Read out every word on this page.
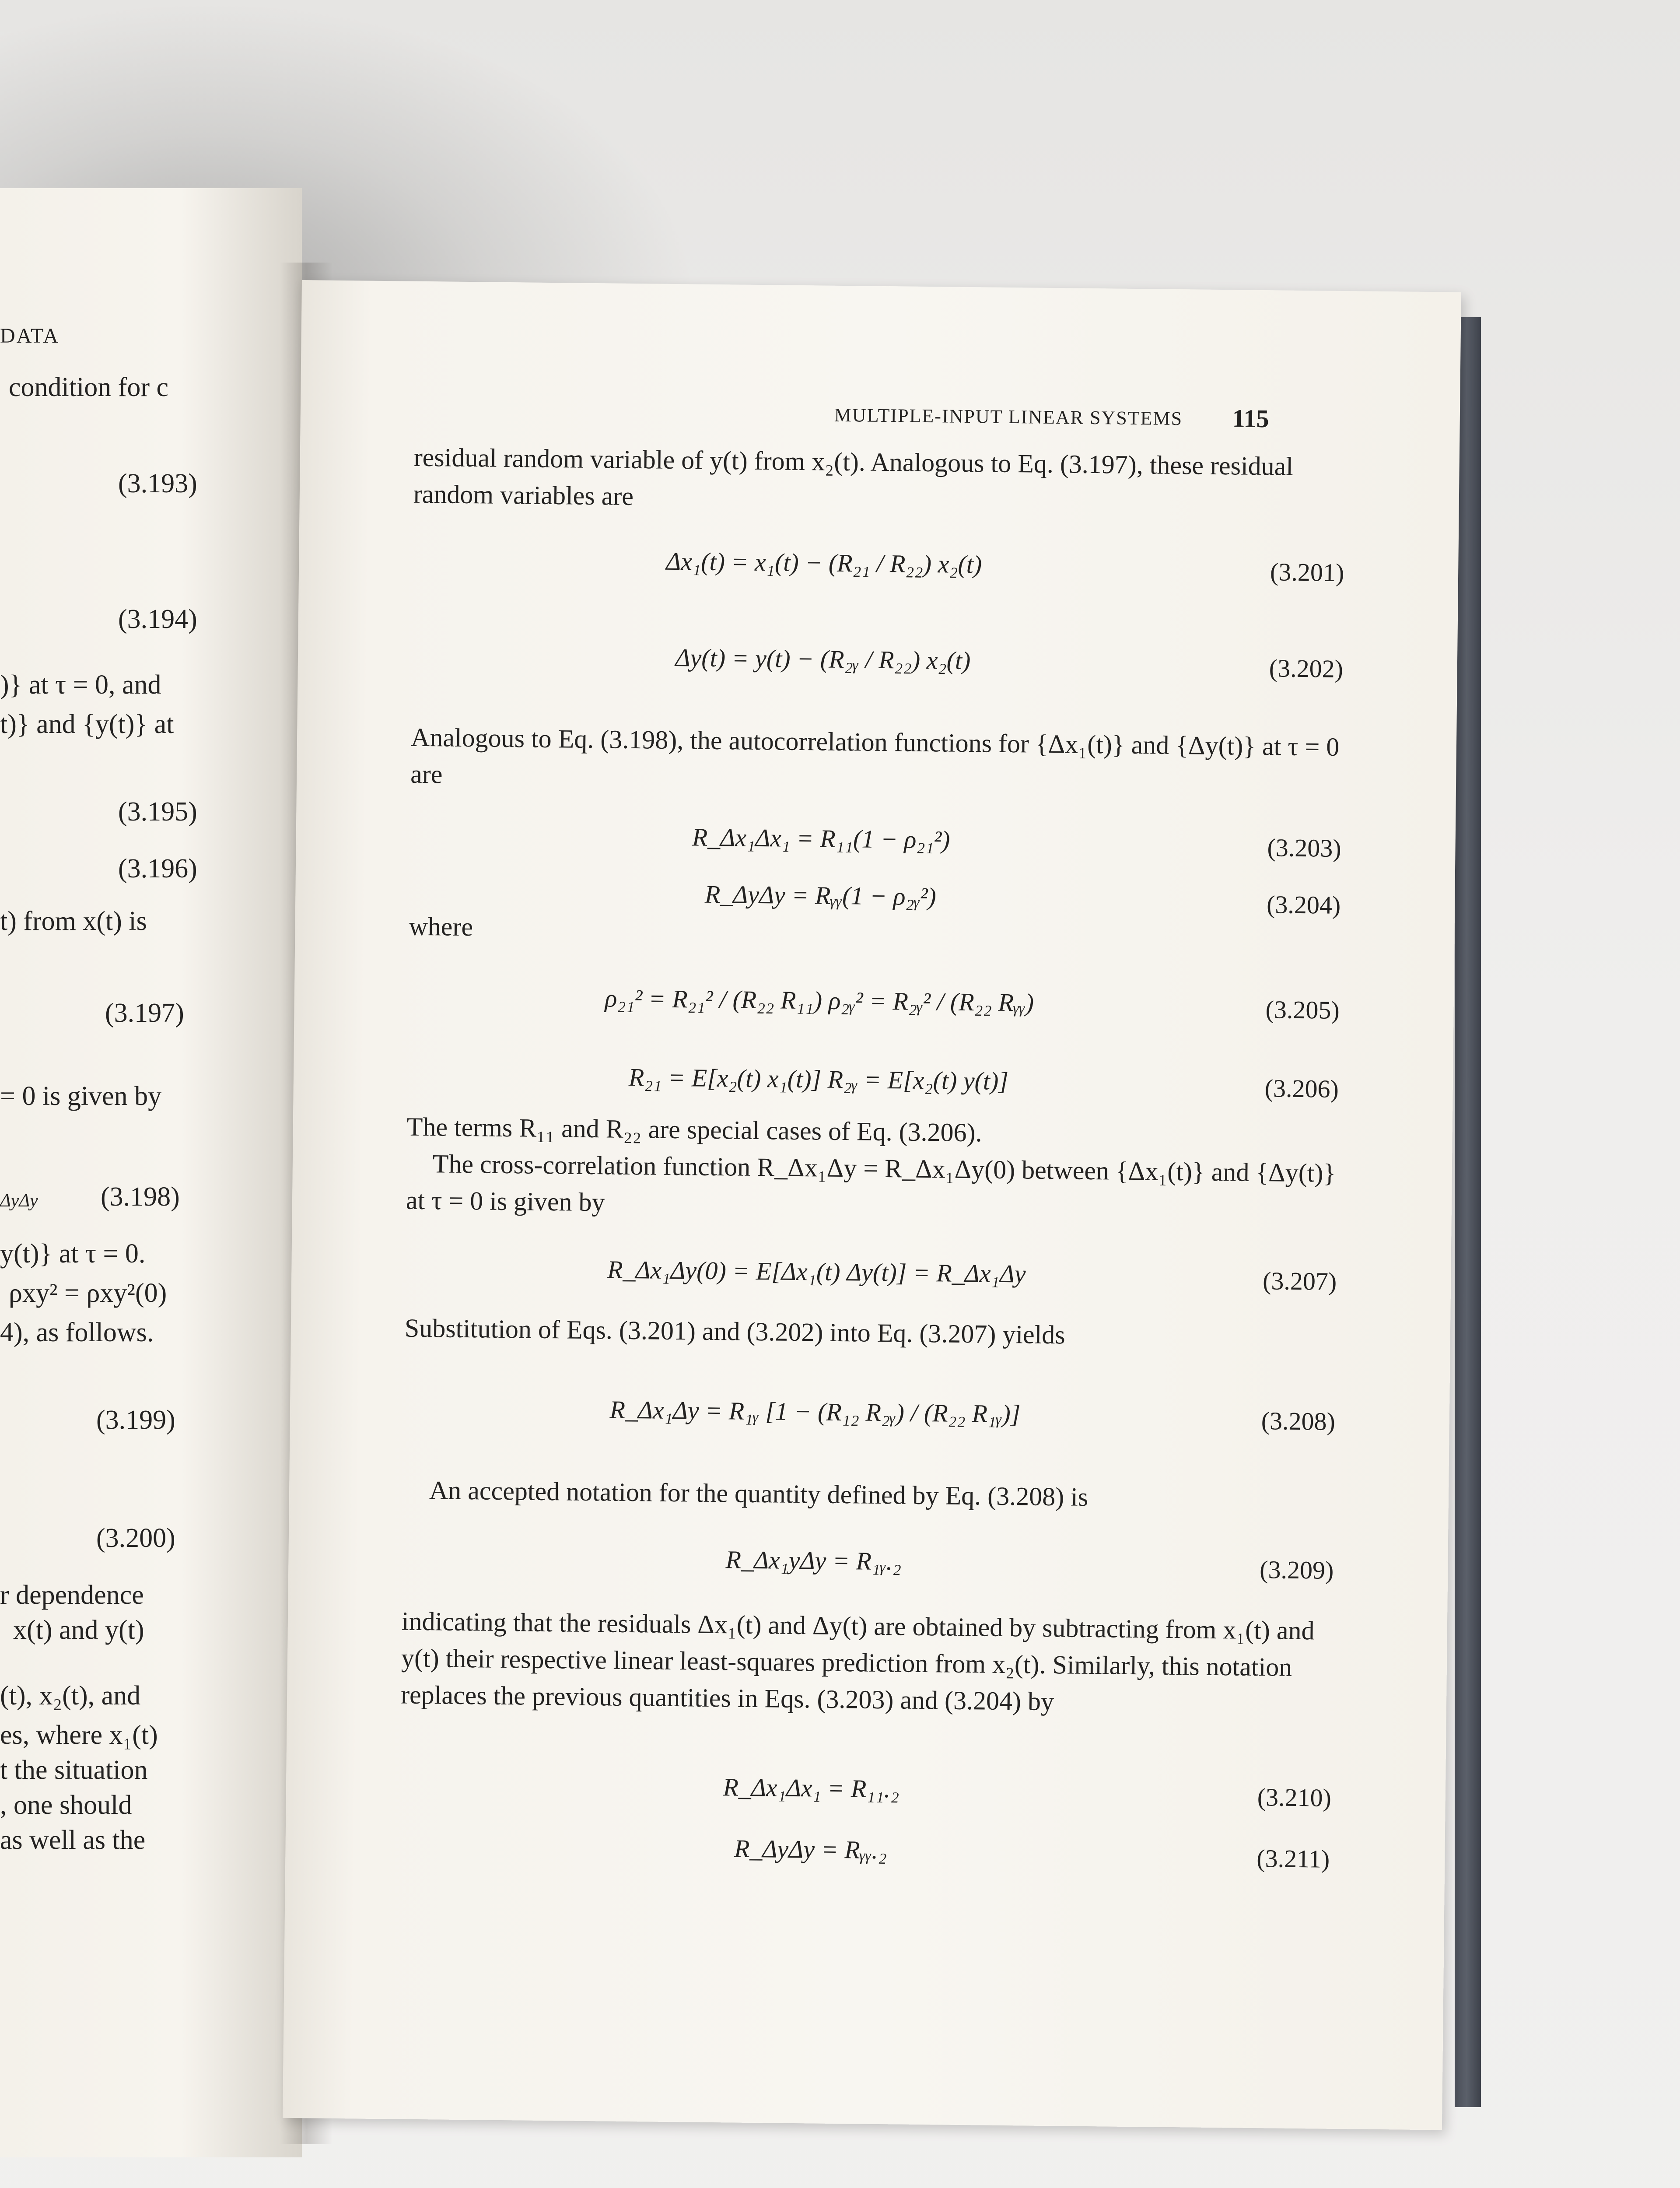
DATA
condition for c
(3.193)
(3.194)
)} at τ = 0, and
t)} and {y(t)} at
(3.195)
(3.196)
t) from x(t) is
(3.197)
= 0 is given by
ΔyΔy (3.198)
y(t)} at τ = 0.
ρxy² = ρxy²(0)
4), as follows.
(3.199)
(3.200)
r dependence
x(t) and y(t)
(t), x₂(t), and
es, where x₁(t)
t the situation
, one should
as well as the
MULTIPLE-INPUT LINEAR SYSTEMS	115
residual random variable of y(t) from x₂(t). Analogous to Eq. (3.197), these residual random variables are
Δx₁(t) = x₁(t) − (R₂₁ / R₂₂) x₂(t)	(3.201)
Δy(t) = y(t) − (R₂ᵧ / R₂₂) x₂(t)	(3.202)
Analogous to Eq. (3.198), the autocorrelation functions for {Δx₁(t)} and {Δy(t)} at τ = 0 are
R_Δx₁Δx₁ = R₁₁(1 − ρ₂₁²)	(3.203)
R_ΔyΔy = Rᵧᵧ(1 − ρ₂ᵧ²)	(3.204)
where
ρ₂₁² = R₂₁² / (R₂₂ R₁₁) ρ₂ᵧ² = R₂ᵧ² / (R₂₂ Rᵧᵧ)	(3.205)
R₂₁ = E[x₂(t) x₁(t)] R₂ᵧ = E[x₂(t) y(t)]	(3.206)
The terms R₁₁ and R₂₂ are special cases of Eq. (3.206).
The cross-correlation function R_Δx₁Δy = R_Δx₁Δy(0) between {Δx₁(t)} and {Δy(t)} at τ = 0 is given by
R_Δx₁Δy(0) = E[Δx₁(t) Δy(t)] = R_Δx₁Δy	(3.207)
Substitution of Eqs. (3.201) and (3.202) into Eq. (3.207) yields
R_Δx₁Δy = R₁ᵧ [1 − (R₁₂ R₂ᵧ) / (R₂₂ R₁ᵧ)]	(3.208)
An accepted notation for the quantity defined by Eq. (3.208) is
R_Δx₁yΔy = R₁ᵧ.₂	(3.209)
indicating that the residuals Δx₁(t) and Δy(t) are obtained by subtracting from x₁(t) and y(t) their respective linear least-squares prediction from x₂(t). Similarly, this notation replaces the previous quantities in Eqs. (3.203) and (3.204) by
R_Δx₁Δx₁ = R₁₁.₂	(3.210)
R_ΔyΔy = Rᵧᵧ.₂	(3.211)
